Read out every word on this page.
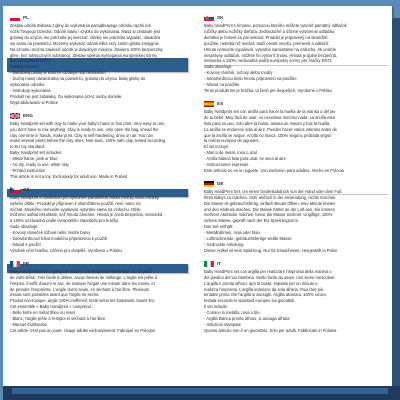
PL

Zestaw odcisk Bobasa z gliny do wykonania pamiątkowego odcisku rączki lub

nóżki Twojego Dziecka. Odcisk łatwo i szybko do wykonania. Masa w zestawie jest

gotowa do użycia, nie potrzeba jej mieszać. Glinkę nie potrzeba wypalać, utwardza

się sama na powietrzu. Możemy wykonać odcisk kilka razy zanim glinka zastygnie.

Na sznurku można zawiesić odcisk w dowolnym miejscu. Zawiera 100% bezpieczną

glinę, bez toksycznych substancji. Zestaw spełnia wymagania europejskiej normy

bezpieczeństwa EN71.

Zestaw zawiera:

- Metalową ramkę w kolorze różowym lub niebieskim

- Suchą masę utwardzalną na powietrzu, gotową do użycia, białą glinkę do

wykonania odcisku

- Instrukcję wykonania

Produkt nie jest zabawką. Do wykonania przez osoby dorosłe.

Wyprodukowano w Polsce

ENG

Baby Handprint set with clay to make your baby's hand or foot print. Very easy to use,

you don't have to mix anything. Clay is ready to use, only open the bag, knead the

clay one time in hands, make print. Clay is self-hardening, dries on air. You can

make several prints before the clay dries. Non-toxic, 100% safe clay, tested according

to EU toy standard.

Baby Handprint set includes:

- Metal frame, pink or blue

- Air dry, ready to use, white clay

- Printed instruction

This article is not a toy. Exclusively for adult use. Made in Poland

CZ

Baby Handprint s modelínou pro vytvoření památného otisku ručičky nebo nožičky

vašeho dítěte. Produkt je připraven k okamžitému použití, není nutno nic

míchat. Modelínu nemusíte vypalovat, vytvrdne sama na vzduchu. Otisk

můžeme udělat několikrát, než hmota zaschne. Hmota je zcela bezpečná, netoxická

a 100% nezávadná podle evropského standardu pro hračky.

Sada obsahuje:

- Kovový rámeček růžové nebo modré barvy

- Samotvrdnoucí bílou modelínu připravenou k použití

- Návod k použití

Výrobek není hračka. Určeno pro dospělé. Vyrobeno v Polsku

FR

Baby Handprint avec argile pour réaliser une empreinte de la main ou du pied

de votre bébé. Très facile à utiliser, aucun besoin de mélange. L'argile est prête à

l'emploi, il suffit d'ouvrir le sac, de malaxer l'argile une minute dans les mains, et

de prendre l'empreinte. L'argile durcit seule, en séchant à l'air libre. Plusieurs

essais sont possibles avant que l'argile ne sèche.

Produit non-toxique, argile 100% inoffensif, testé selon les standards Jouets EU

Cet ensemble « Baby Handprint » comprend :

- Belle boîte en métal (bleu ou rose)

- Blanc, l'argile prête à l'emploi et séchant à l'air libre

- Manuel d'utilisation

Cet article n'est pas un jouet. Usage adulte exclusivement. Fabriqué en Pologne

SK

Baby HandPrint s hmotou, pomocou ktorého môžete vytvoriť pamätný odtlačok

rúčičky alebo nožičky dieťaťa. Jednoduché a účinné vytvorenie odtlačku

dieťatka je hotové za pár sekúnd. Produkt je pripravený na okamžité

použitie, netreba nič miešať, stačí otvoriť vrecko, premiesiť a odtlačiť.

Hmota nemusíte vypaľovať, vytvrdne samostatne na vzduchu. Ak urobíte

nesprávny odtlačok, môžete ho vytvoriť znovu. Hmota je úplne bezpečná,

netoxická a 100% nezávadná podľa európskej normy pre hračky EN71.

Sada obsahuje:

- Kovový rámček, ružový alebo modrý

- Samotvrdnúcu bielu hmotu pripravenú na použitie

- Návod na použitie

Tento produkt nie je hračka. Určené pre dospelých. Vyrobené v Poľsku

ES

Baby Handprint set con arcilla para hacer la huella de la manita o del pie

de tu bebé. Muy fácil de usar, no necesitas mezclar nada. La arcilla está

lista para su uso, solo abre la bolsa, amasa un minuto y haz la huella.

La arcilla se endurece sola al aire. Puedes hacer varios intentos antes de

que la arcilla se seque. Arcilla no tóxica, 100% segura, probada según

la norma europea de juguetes.

El set incluye:

- Marco de metal, rosa o azul

- Arcilla blanca lista para usar, se seca al aire

- Instrucciones impresas

Este artículo no es un juguete. Uso exclusivo para adultos. Hecho en Polonia

DE

Baby HandPrint Set, um einen Gedenkabdruck von der Hand oder dem Fuß

Ihres Babys zu machen. Sehr einfach in der Anwendung, nichts mischen.

Die Masse ist gebrauchsfertig, einfach Beutel öffnen, eine Minute kneten

und den Abdruck machen. Die Masse härtet an der Luft aus. Sie können

mehrere Abdrücke machen, bevor die Masse trocknet. Ungiftige, 100%

sichere Masse, geprüft nach der EU-Spielzeugnorm.

Das Set enthält:

- Metallrahmen, rosa oder blau

- Lufttrocknende, gebrauchsfertige weiße Masse

- Gedruckte Anleitung

Dieser Artikel ist kein Spielzeug. Nur für Erwachsene. Hergestellt in Polen

IT

Baby HandPrint set con argilla per realizzare l'impronta della manina o

del piedino del tuo bambino. Molto facile da usare, non serve mescolare.

L'argilla è pronta all'uso: apri la busta, impasta per un minuto e

realizza l'impronta. L'argilla indurisce da sola all'aria. Puoi fare più

tentativi prima che l'argilla si asciughi. Argilla atossica, 100% sicura,

testata secondo lo standard europeo sui giocattoli.

Il set include:

- Cornice in metallo, rosa o blu

- Argilla bianca pronta all'uso, si asciuga all'aria

- Istruzioni stampate

Questo articolo non è un giocattolo. Solo per adulti. Fabbricato in Polonia
